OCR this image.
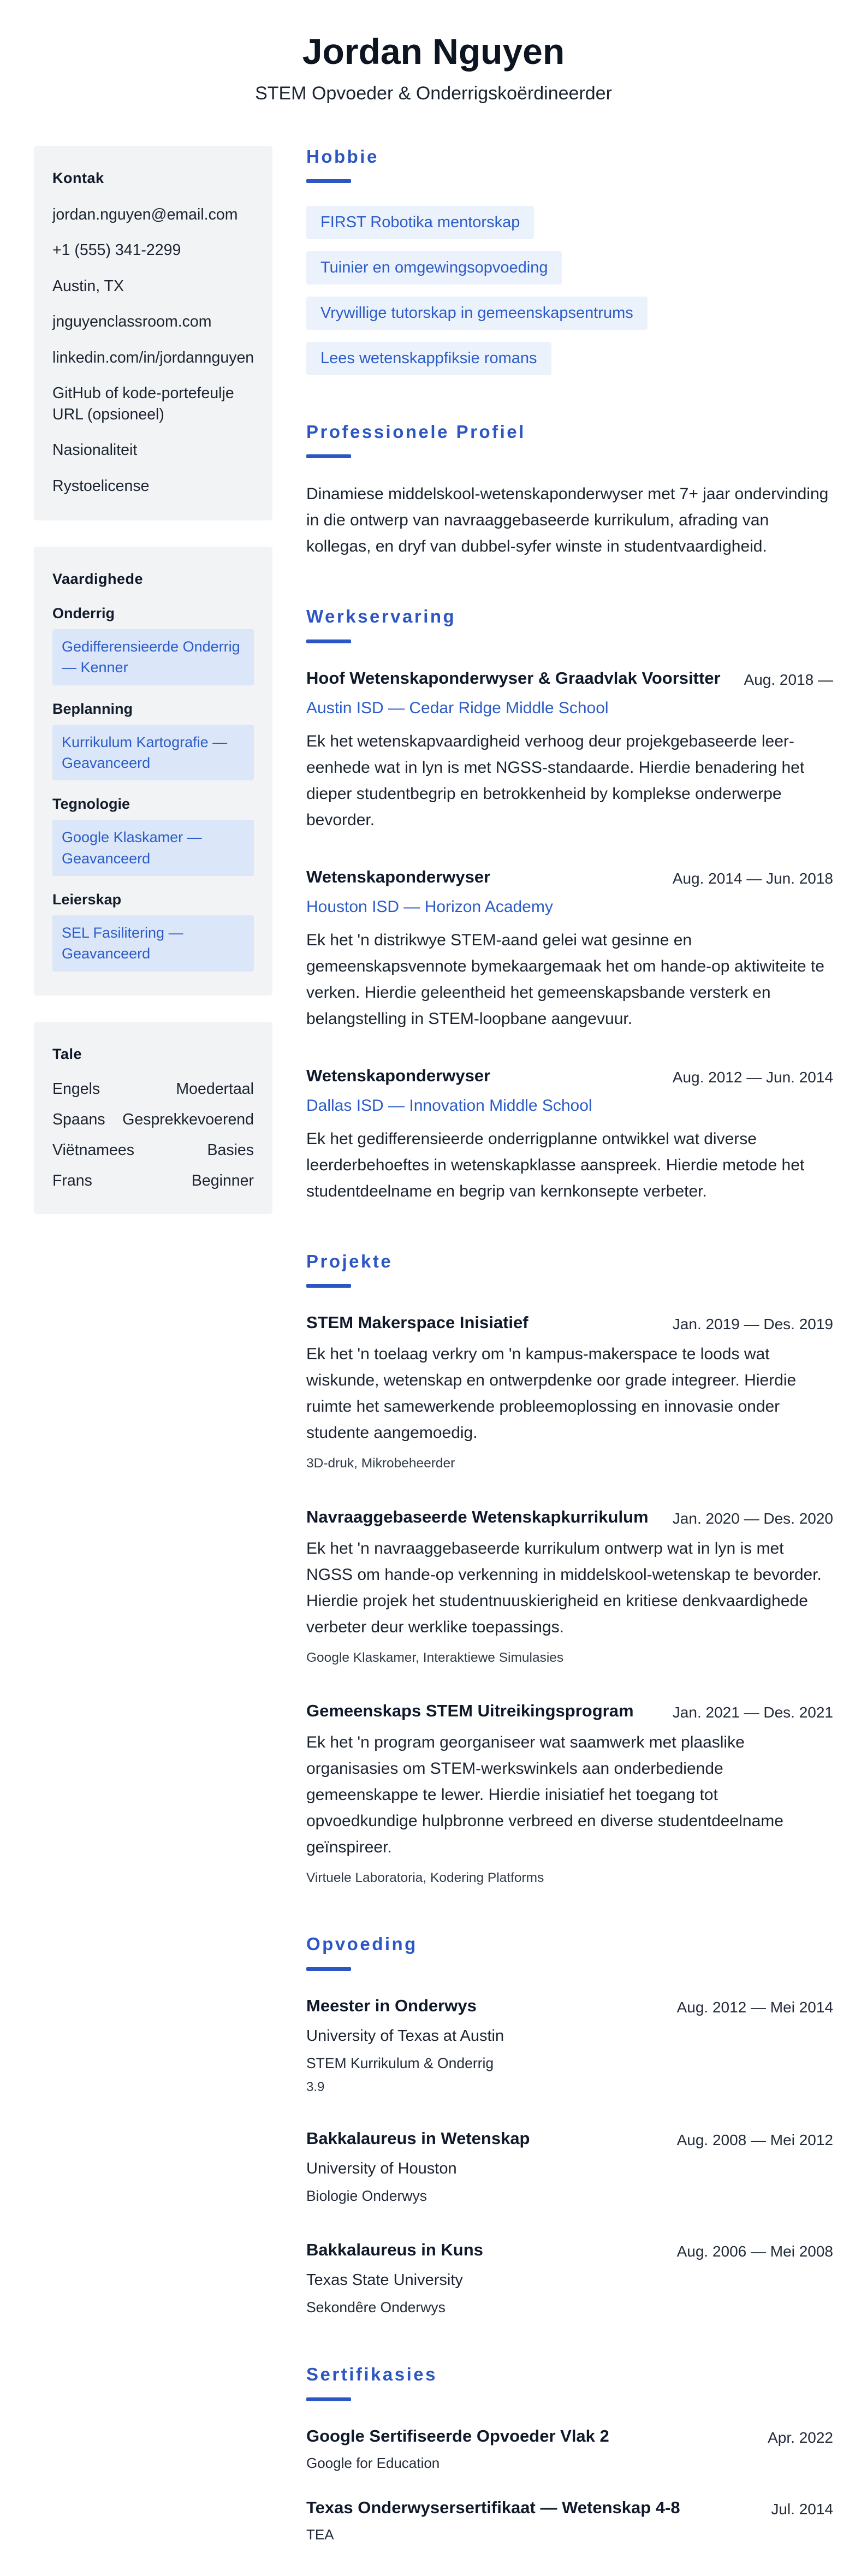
Jordan Nguyen
STEM Opvoeder & Onderrigskoërdineerder
Kontak
jordan.nguyen@email.com
+1 (555) 341-2299
Austin, TX
jnguyenclassroom.com
linkedin.com/in/jordannguyen
GitHub of kode-portefeulje URL (opsioneel)
Nasionaliteit
Rystoelicense
Vaardighede
Onderrig
Gedifferensieerde Onderrig — Kenner
Beplanning
Kurrikulum Kartografie — Geavanceerd
Tegnologie
Google Klaskamer — Geavanceerd
Leierskap
SEL Fasilitering — Geavanceerd
Tale
Engels	Moedertaal
Spaans Gesprekkevoerend
Viëtnamees	Basies
Frans	Beginner
Hobbie
FIRST Robotika mentorskap
Tuinier en omgewingsopvoeding
Vrywillige tutorskap in gemeenskapsentrums
Lees wetenskappfiksie romans
Professionele Profiel

Dinamiese middelskool-wetenskaponderwyser met 7+ jaar ondervinding in die ontwerp van navraaggebaseerde kurrikulum, afrading van kollegas, en dryf van dubbel-syfer winste in studentvaardigheid.

Werkservaring
Hoof Wetenskaponderwyser & Graadvlak Voorsitter	Aug. 2018 —
Austin ISD — Cedar Ridge Middle School

Ek het wetenskapvaardigheid verhoog deur projekgebaseerde leer-eenhede wat in lyn is met NGSS-standaarde. Hierdie benadering het dieper studentbegrip en betrokkenheid by komplekse onderwerpe bevorder.

Wetenskaponderwyser	Aug. 2014 — Jun. 2018
Houston ISD — Horizon Academy

Ek het 'n distrikwye STEM-aand gelei wat gesinne en gemeenskapsvennote bymekaargemaak het om hande-op aktiwiteite te verken. Hierdie geleentheid het gemeenskapsbande versterk en belangstelling in STEM-loopbane aangevuur.

Wetenskaponderwyser	Aug. 2012 — Jun. 2014
Dallas ISD — Innovation Middle School

Ek het gedifferensieerde onderrigplanne ontwikkel wat diverse leerderbehoeftes in wetenskapklasse aanspreek. Hierdie metode het studentdeelname en begrip van kernkonsepte verbeter.

Projekte
STEM Makerspace Inisiatief	Jan. 2019 — Des. 2019

Ek het 'n toelaag verkry om 'n kampus-makerspace te loods wat wiskunde, wetenskap en ontwerpdenke oor grade integreer. Hierdie ruimte het samewerkende probleemoplossing en innovasie onder studente aangemoedig.

3D-druk, Mikrobeheerder
Navraaggebaseerde Wetenskapkurrikulum	Jan. 2020 — Des. 2020

Ek het 'n navraaggebaseerde kurrikulum ontwerp wat in lyn is met NGSS om hande-op verkenning in middelskool-wetenskap te bevorder. Hierdie projek het studentnuuskierigheid en kritiese denkvaardighede verbeter deur werklike toepassings.

Google Klaskamer, Interaktiewe Simulasies
Gemeenskaps STEM Uitreikingsprogram	Jan. 2021 — Des. 2021

Ek het 'n program georganiseer wat saamwerk met plaaslike organisasies om STEM-werkswinkels aan onderbediende gemeenskappe te lewer. Hierdie inisiatief het toegang tot opvoedkundige hulpbronne verbreed en diverse studentdeelname geïnspireer.

Virtuele Laboratoria, Kodering Platforms
Opvoeding
Meester in Onderwys	Aug. 2012 — Mei 2014
University of Texas at Austin
STEM Kurrikulum & Onderrig
3.9
Bakkalaureus in Wetenskap	Aug. 2008 — Mei 2012
University of Houston
Biologie Onderwys
Bakkalaureus in Kuns	Aug. 2006 — Mei 2008
Texas State University
Sekondêre Onderwys
Sertifikasies
Google Sertifiseerde Opvoeder Vlak 2	Apr. 2022
Google for Education
Texas Onderwysersertifikaat — Wetenskap 4-8	Jul. 2014
TEA
